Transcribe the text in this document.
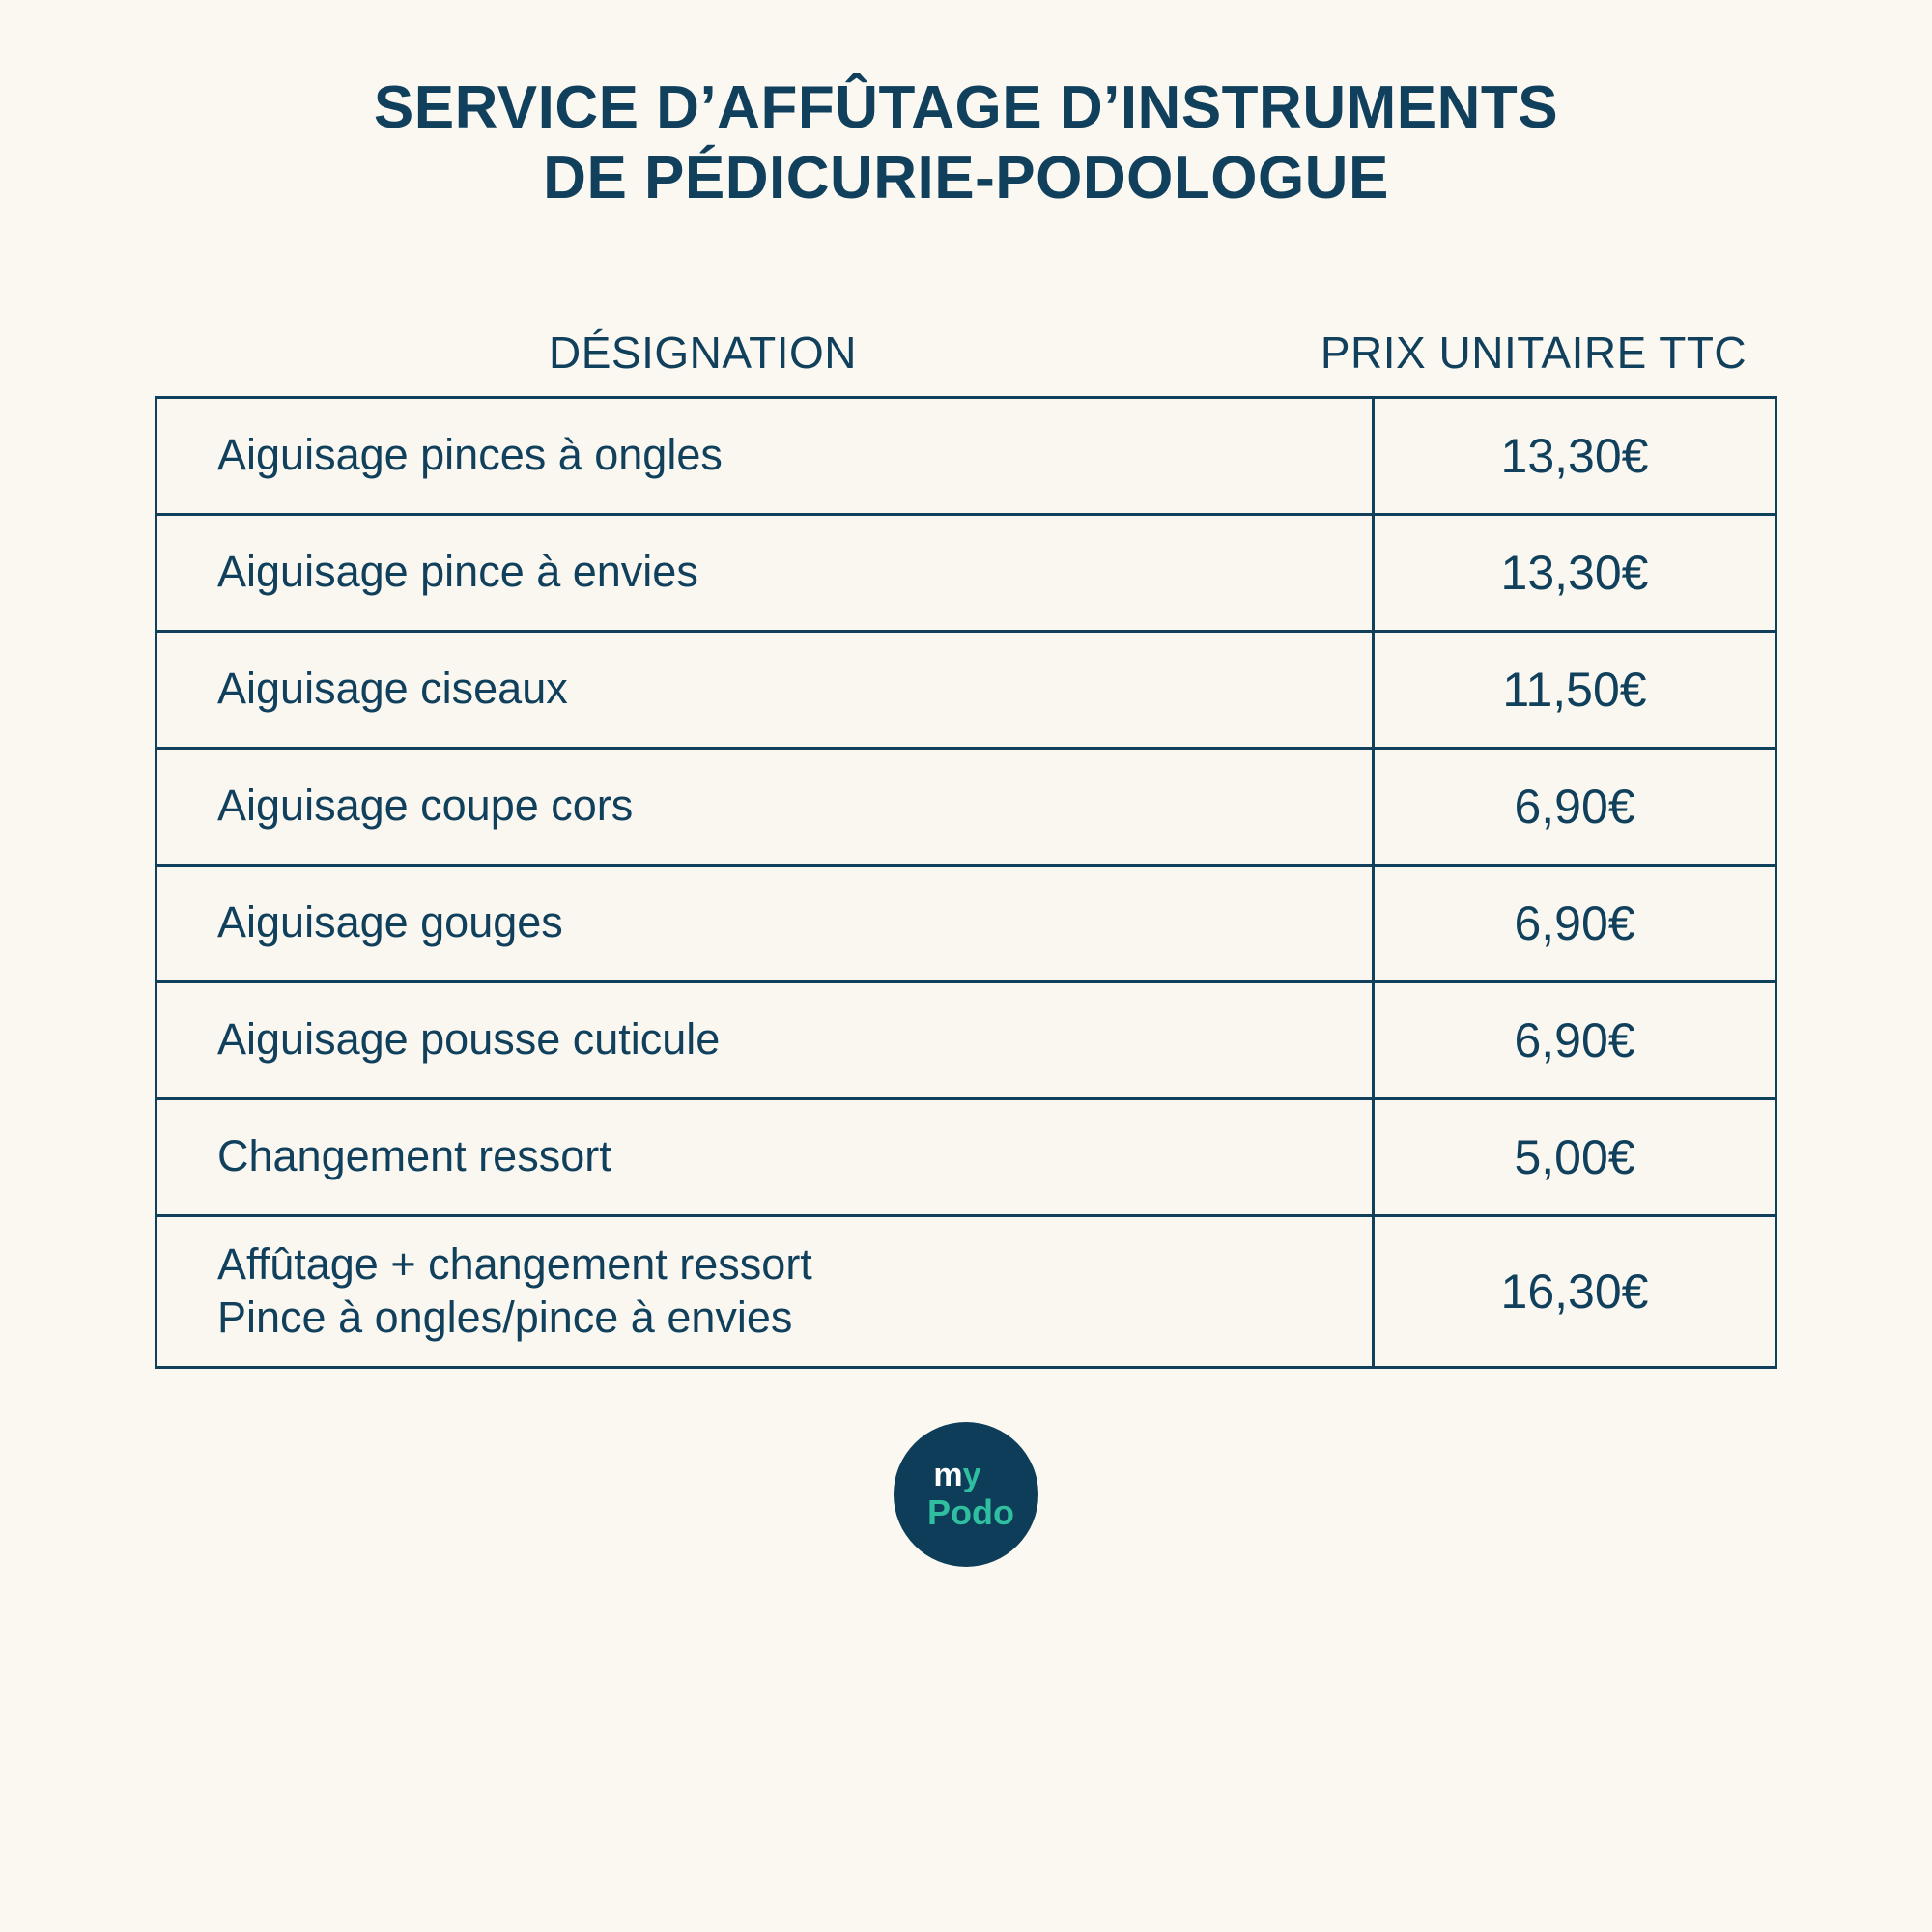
SERVICE D’AFFÛTAGE D’INSTRUMENTS
DE PÉDICURIE-PODOLOGUE
DÉSIGNATION	PRIX UNITAIRE TTC
Aiguisage pinces à ongles	13,30€
Aiguisage pince à envies	13,30€
Aiguisage ciseaux	11,50€
Aiguisage coupe cors	6,90€
Aiguisage gouges	6,90€
Aiguisage pousse cuticule	6,90€
Changement ressort	5,00€

Affûtage + changement ressort
Pince à ongles/pince à envies	16,30€
my
Podo
